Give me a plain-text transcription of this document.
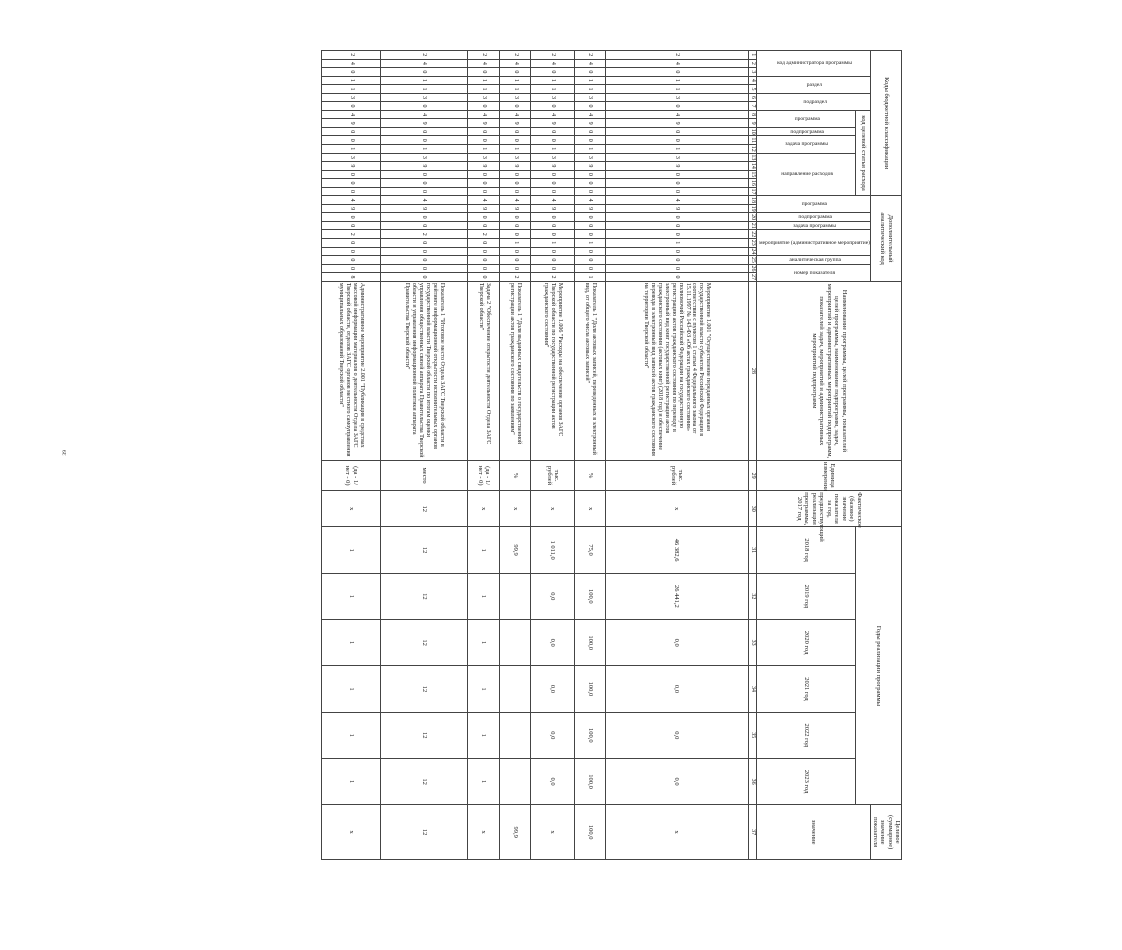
39
Коды бюджетной классификации																	Дополнительный аналитический код										Наименование программы, целей программы, показателей целей программы, наименование подпрограмм, задач, мероприятий и административных мероприятий подпрограмм, показателей задач, мероприятий и административных мероприятий подпрограмм	Единица измерения	Фактическое (базовое) значение показателя за год, предшествующий реализации программы, 2017 год	Годы реализации программы						Целевое (суммарное) значение показателя
код администратора программы			раздел		подраздел		код целевой статьи расхода										программа		подпрограмма	задача программы	мероприятие (административное мероприятие)			аналитическая группа	номер показателя											значение
							программа		подпрограмма	задача программы		направление расходов																		2018 год	2019 год	2020 год	2021 год	2022 год	2023 год	
1	2	3	4	5	6	7	8	9	10	11	12	13	14	15	16	17	18	19	20	21	22	23	24	25	26	27	28	29	30	31	32	33	34	35	36	37
2	4	0	1	1	3	0	4	9	0	0	1	3	9	0	0	0	4	9	0	0	0	1	0	0	0	0	Мероприятие 1.001 "Осуществление переданных органам государственной власти субъектов Российской Федерации в соответствии с пунктом 1 статьи 4 Федерального закона от 15.11.1997 № 143-ФЗ «Об актах гражданского состояния» полномочий Российской Федерации на государственную регистрацию актов гражданского состояния по переводу в электронный вид книг государственной регистрации актов гражданского состояния (актовых книг) (2018 год) и обеспечение перевода в электронный вид записей актов гражданского состояния на территории Тверской области"	тыс. рублей	x	46 382,6	26 441,2	0,0	0,0	0,0	0,0	x
2	4	0	1	1	3	0	4	9	0	0	1	3	9	0	0	0	4	9	0	0	0	1	0	0	0	1	Показатель 1 "Доля актовых записей, переведенных в электронный вид, от общего числа актовых записей"	%	x	75,0	100,0	100,0	100,0	100,0	100,0	100,0
2	4	0	1	1	3	0	4	9	0	0	1	3	9	0	0	0	4	9	0	0	0	1	0	0	0	2	Мероприятие 1.006 "Расходы на обеспечение органов ЗАГС Тверской области по государственной регистрации актов гражданского состояния"	тыс. рублей	x	1 011,0	0,0	0,0	0,0	0,0	0,0	x
2	4	0	1	1	3	0	4	9	0	0	1	3	9	0	0	0	4	9	0	0	0	1	0	0	0	2	Показатель 1 "Доля выданных свидетельств о государственной регистрации актов гражданского состояния по заявлениям"	%	x	99,9						99,9
2	4	0	1	1	3	0	4	9	0	0	1	3	9	0	0	0	4	9	0	0	2	0	0	0	0	0	Задача 2 "Обеспечение открытости деятельности Отдела ЗАГС Тверской области"	(да - 1/ нет - 0)	x	1	1	1	1	1	1	x
2	4	0	1	1	3	0	4	9	0	0	1	3	9	0	0	0	4	9	0	0	2	0	0	0	0	0	Показатель 1 "Итоговое место Отдела ЗАГС Тверской области в рейтинге информационной открытости исполнительных органов государственной власти Тверской области по итогам оценки управления общественных связей аппарата Правительства Тверской области и управления информационной политики аппарата Правительства Тверской области"	место	12	12	12	12	12	12	12	12
2	4	0	1	1	3	0	4	9	0	0	1	3	9	0	0	0	4	9	0	0	2	0	0	0	0	8	Административное мероприятие 2.001 "Публикация в средствах массовой информации материалов о деятельности Отдела ЗАГС Тверской области, отделов ЗАГС органов местного самоуправления муниципальных образований Тверской области"	(да - 1/ нет - 0)	x	1	1	1	1	1	1	x
